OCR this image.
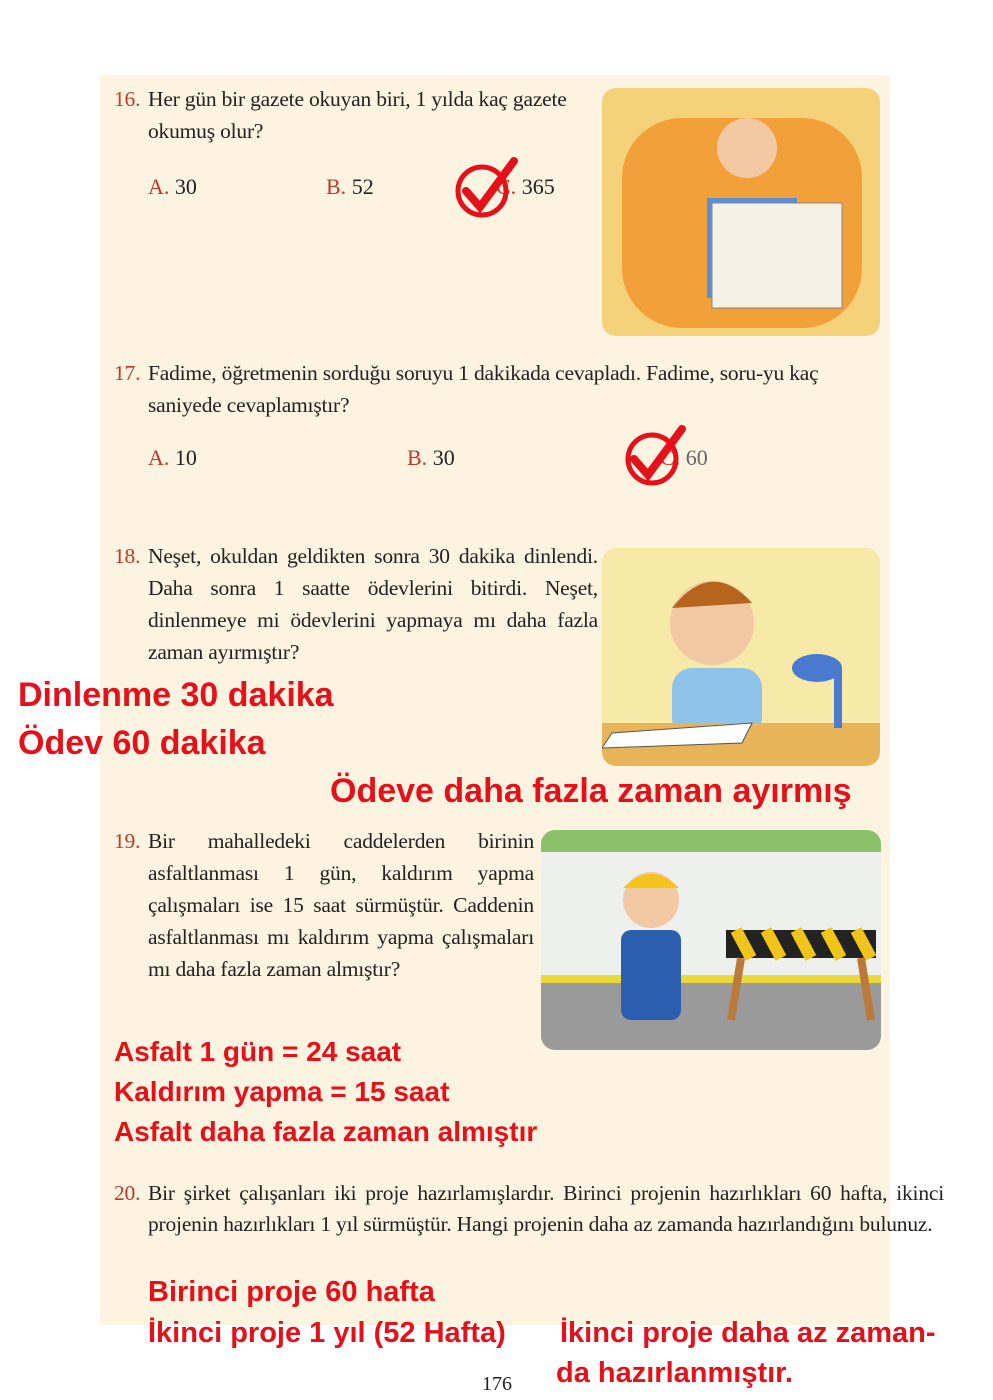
16. Her gün bir gazete okuyan biri, 1 yılda kaç gazete okumuş olur?
A. 30	B. 52	C. 365
17. Fadime, öğretmenin sorduğu soruyu 1 dakikada cevapladı. Fadime, soru-yu kaç saniyede cevaplamıştır?
A. 10	B. 30	C. 60
18. Neşet, okuldan geldikten sonra 30 dakika dinlendi. Daha sonra 1 saatte ödevlerini bitirdi. Neşet, dinlenmeye mi ödevlerini yapmaya mı daha fazla zaman ayırmıştır?
Dinlenme 30 dakika
Ödev 60 dakika
Ödeve daha fazla zaman ayırmış
19. Bir mahalledeki caddelerden birinin asfaltlanması 1 gün, kaldırım yapma çalışmaları ise 15 saat sürmüştür. Caddenin asfaltlanması mı kaldırım yapma çalışmaları mı daha fazla zaman almıştır?
Asfalt 1 gün = 24 saat
Kaldırım yapma = 15 saat
Asfalt daha fazla zaman almıştır
20. Bir şirket çalışanları iki proje hazırlamışlardır. Birinci projenin hazırlıkları 60 hafta, ikinci projenin hazırlıkları 1 yıl sürmüştür. Hangi projenin daha az zamanda hazırlandığını bulunuz.
Birinci proje 60 hafta
İkinci proje 1 yıl (52 Hafta) İkinci proje daha az zaman-
da hazırlanmıştır.
176
